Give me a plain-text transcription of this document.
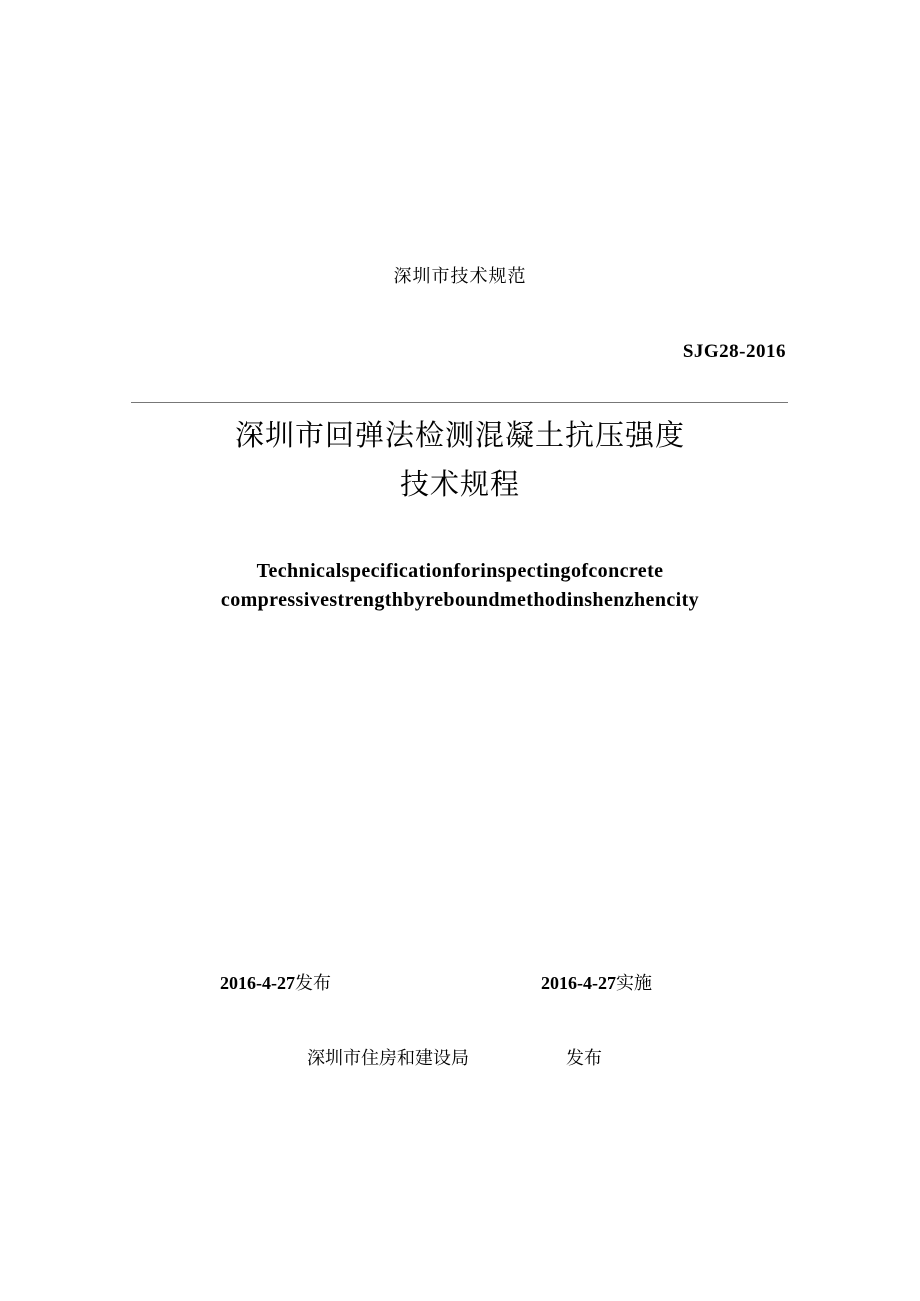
深圳市技术规范
SJG28-2016
深圳市回弹法检测混凝土抗压强度
技术规程
Technicalspecificationforinspectingofconcrete
compressivestrengthbyreboundmethodinshenzhencity
2016-4-27发布	2016-4-27实施
深圳市住房和建设局	发布
